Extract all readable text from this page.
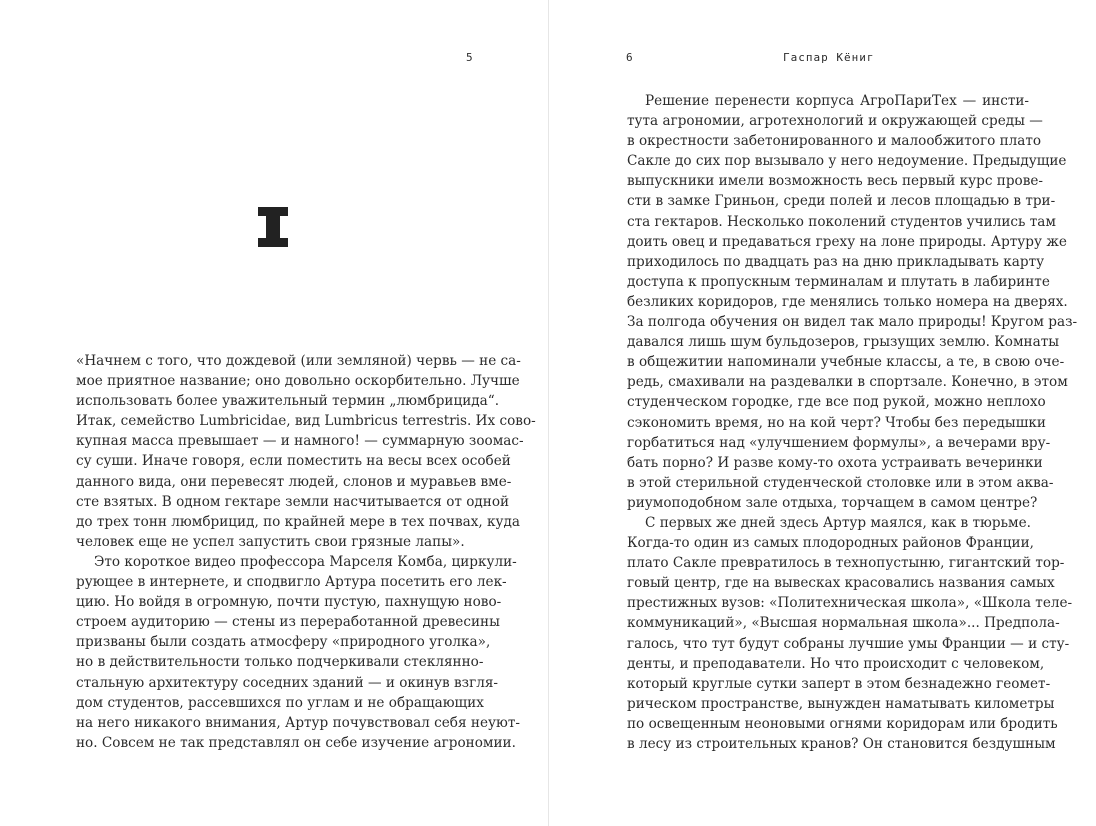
5
«Начнем с того, что дождевой (или земляной) червь — не са-
мое приятное название; оно довольно оскорбительно. Лучше
использовать более уважительный термин „люмбрицида“.
Итак, семейство Lumbricidae, вид Lumbricus terrestris. Их сово-
купная масса превышает — и намного! — суммарную зоомас-
су суши. Иначе говоря, если поместить на весы всех особей
данного вида, они перевесят людей, слонов и муравьев вме-
сте взятых. В одном гектаре земли насчитывается от одной
до трех тонн люмбрицид, по крайней мере в тех почвах, куда
человек еще не успел запустить свои грязные лапы».
Это короткое видео профессора Марселя Комба, циркули-
рующее в интернете, и сподвигло Артура посетить его лек-
цию. Но войдя в огромную, почти пустую, пахнущую ново-
строем аудиторию — стены из переработанной древесины
призваны были создать атмосферу «природного уголка»,
но в действительности только подчеркивали стеклянно-
стальную архитектуру соседних зданий — и окинув взгля-
дом студентов, рассевшихся по углам и не обращающих
на него никакого внимания, Артур почувствовал себя неуют-
но. Совсем не так представлял он себе изучение агрономии.
6	Гаспар Кёниг
Решение перенести корпуса АгроПариТех — инсти-
тута агрономии, агротехнологий и окружающей среды —
в окрестности забетонированного и малообжитого плато
Сакле до сих пор вызывало у него недоумение. Предыдущие
выпускники имели возможность весь первый курс прове-
сти в замке Гриньон, среди полей и лесов площадью в три-
ста гектаров. Несколько поколений студентов учились там
доить овец и предаваться греху на лоне природы. Артуру же
приходилось по двадцать раз на дню прикладывать карту
доступа к пропускным терминалам и плутать в лабиринте
безликих коридоров, где менялись только номера на дверях.
За полгода обучения он видел так мало природы! Кругом раз-
давался лишь шум бульдозеров, грызущих землю. Комнаты
в общежитии напоминали учебные классы, а те, в свою оче-
редь, смахивали на раздевалки в спортзале. Конечно, в этом
студенческом городке, где все под рукой, можно неплохо
сэкономить время, но на кой черт? Чтобы без передышки
горбатиться над «улучшением формулы», а вечерами вру-
бать порно? И разве кому-то охота устраивать вечеринки
в этой стерильной студенческой столовке или в этом аква-
риумоподобном зале отдыха, торчащем в самом центре?
С первых же дней здесь Артур маялся, как в тюрьме.
Когда-то один из самых плодородных районов Франции,
плато Сакле превратилось в технопустыню, гигантский тор-
говый центр, где на вывесках красовались названия самых
престижных вузов: «Политехническая школа», «Школа теле-
коммуникаций», «Высшая нормальная школа»... Предпола-
галось, что тут будут собраны лучшие умы Франции — и сту-
денты, и преподаватели. Но что происходит с человеком,
который круглые сутки заперт в этом безнадежно геомет-
рическом пространстве, вынужден наматывать километры
по освещенным неоновыми огнями коридорам или бродить
в лесу из строительных кранов? Он становится бездушным
